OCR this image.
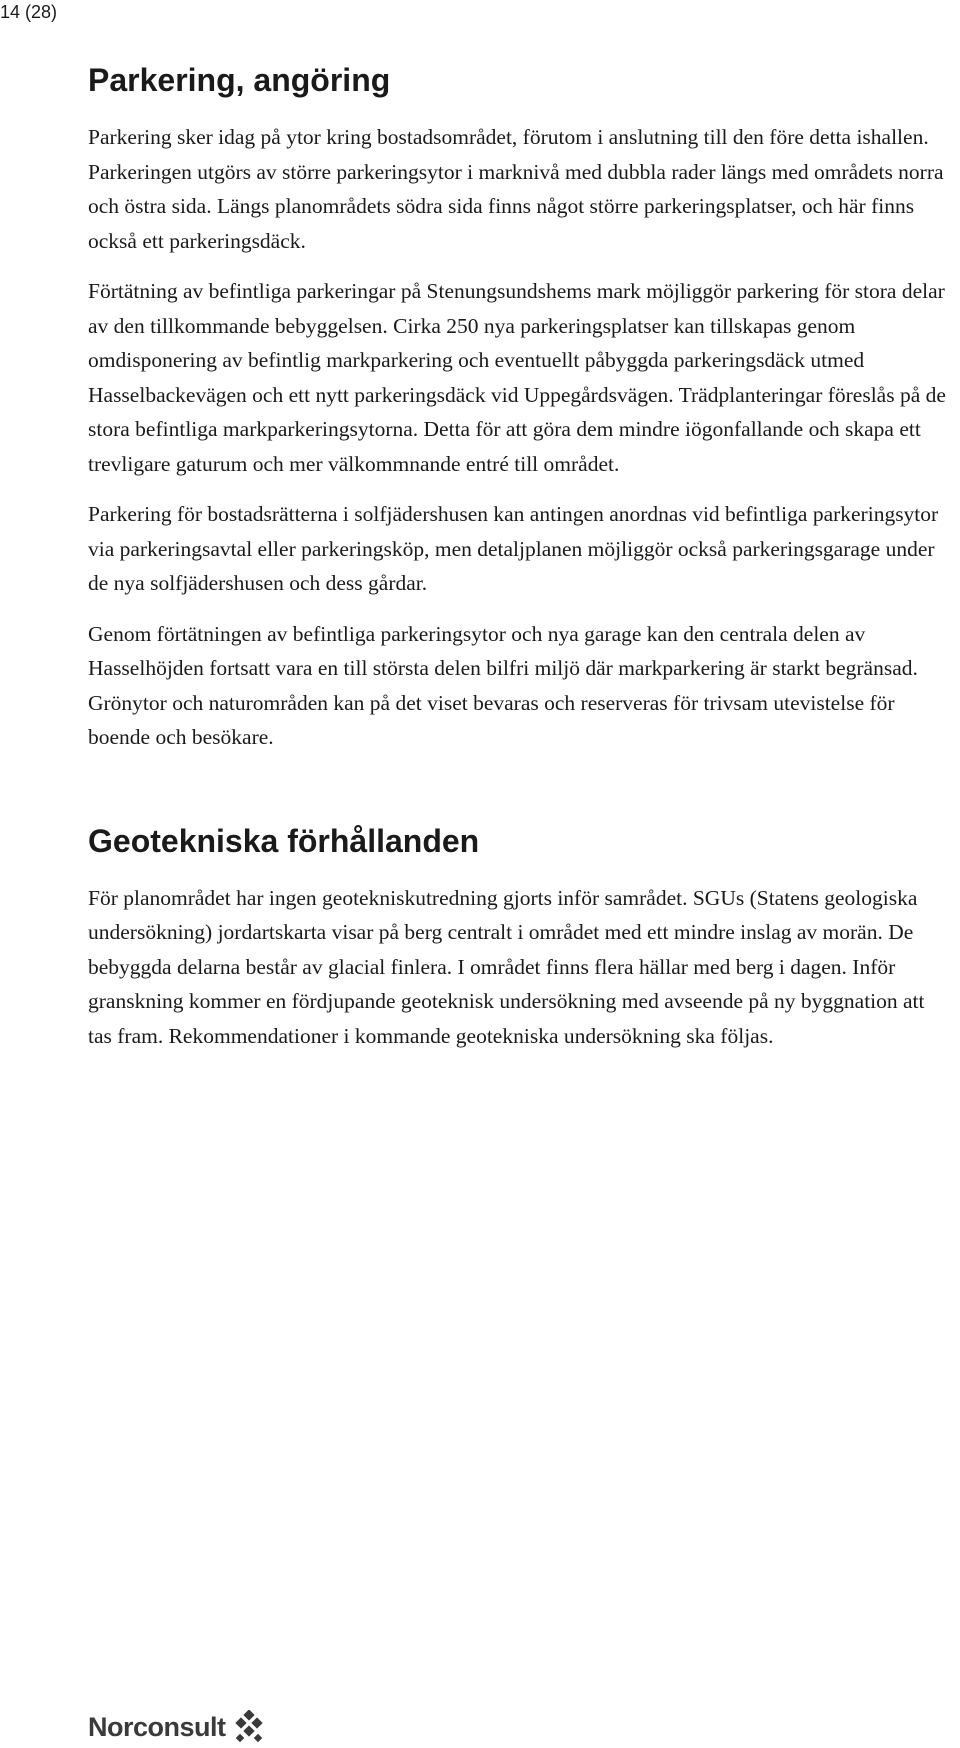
14 (28)
Parkering, angöring

Parkering sker idag på ytor kring bostadsområdet, förutom i anslutning till den före detta ishallen. Parkeringen utgörs av större parkeringsytor i marknivå med dubbla rader längs med områdets norra och östra sida. Längs planområdets södra sida finns något större parkeringsplatser, och här finns också ett parkeringsdäck.

Förtätning av befintliga parkeringar på Stenungsundshems mark möjliggör parkering för stora delar av den tillkommande bebyggelsen. Cirka 250 nya parkeringsplatser kan tillskapas genom omdisponering av befintlig markparkering och eventuellt påbyggda parkeringsdäck utmed Hasselbackevägen och ett nytt parkeringsdäck vid Uppegårdsvägen. Trädplanteringar föreslås på de stora befintliga markparkeringsytorna. Detta för att göra dem mindre iögonfallande och skapa ett trevligare gaturum och mer välkommnande entré till området.

Parkering för bostadsrätterna i solfjädershusen kan antingen anordnas vid befintliga parkeringsytor via parkeringsavtal eller parkeringsköp, men detaljplanen möjliggör också parkeringsgarage under de nya solfjädershusen och dess gårdar.

Genom förtätningen av befintliga parkeringsytor och nya garage kan den centrala delen av Hasselhöjden fortsatt vara en till största delen bilfri miljö där markparkering är starkt begränsad. Grönytor och naturområden kan på det viset bevaras och reserveras för trivsam utevistelse för boende och besökare.

Geotekniska förhållanden

För planområdet har ingen geotekniskutredning gjorts inför samrådet. SGUs (Statens geologiska undersökning) jordartskarta visar på berg centralt i området med ett mindre inslag av morän. De bebyggda delarna består av glacial finlera. I området finns flera hällar med berg i dagen. Inför granskning kommer en fördjupande geoteknisk undersökning med avseende på ny byggnation att tas fram. Rekommendationer i kommande geotekniska undersökning ska följas.

Norconsult
